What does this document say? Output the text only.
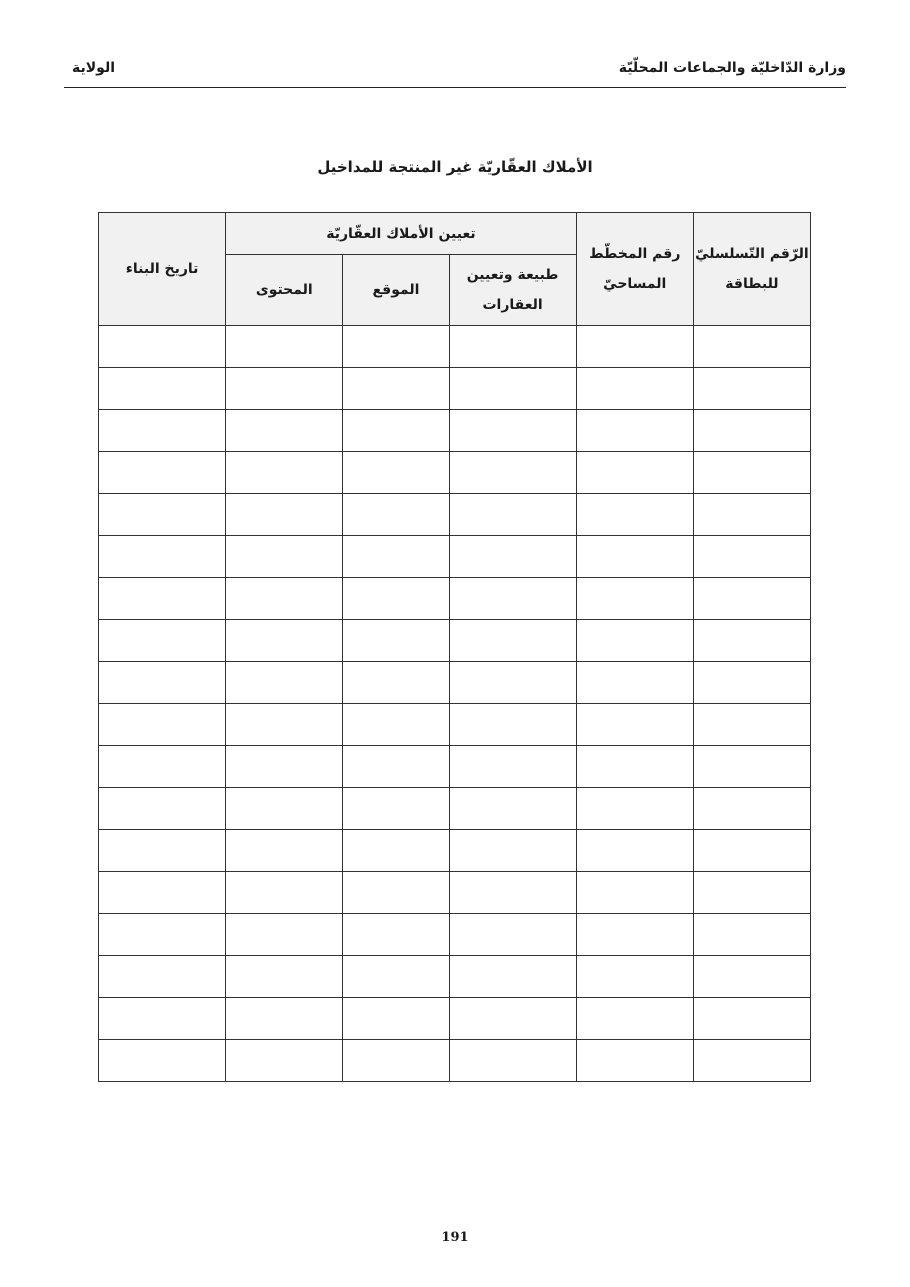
وزارة الدّاخليّة والجماعات المحلّيّة
الولاية
الأملاك العقّاريّة غير المنتجة للمداخيل
الرّقم التّسلسليّ للبطاقة	رقم المخطّط المساحيّ	تعيين الأملاك العقّاريّة			تاريخ البناء
		طبيعة وتعيين العقارات	الموقع	المحتوى	

191
